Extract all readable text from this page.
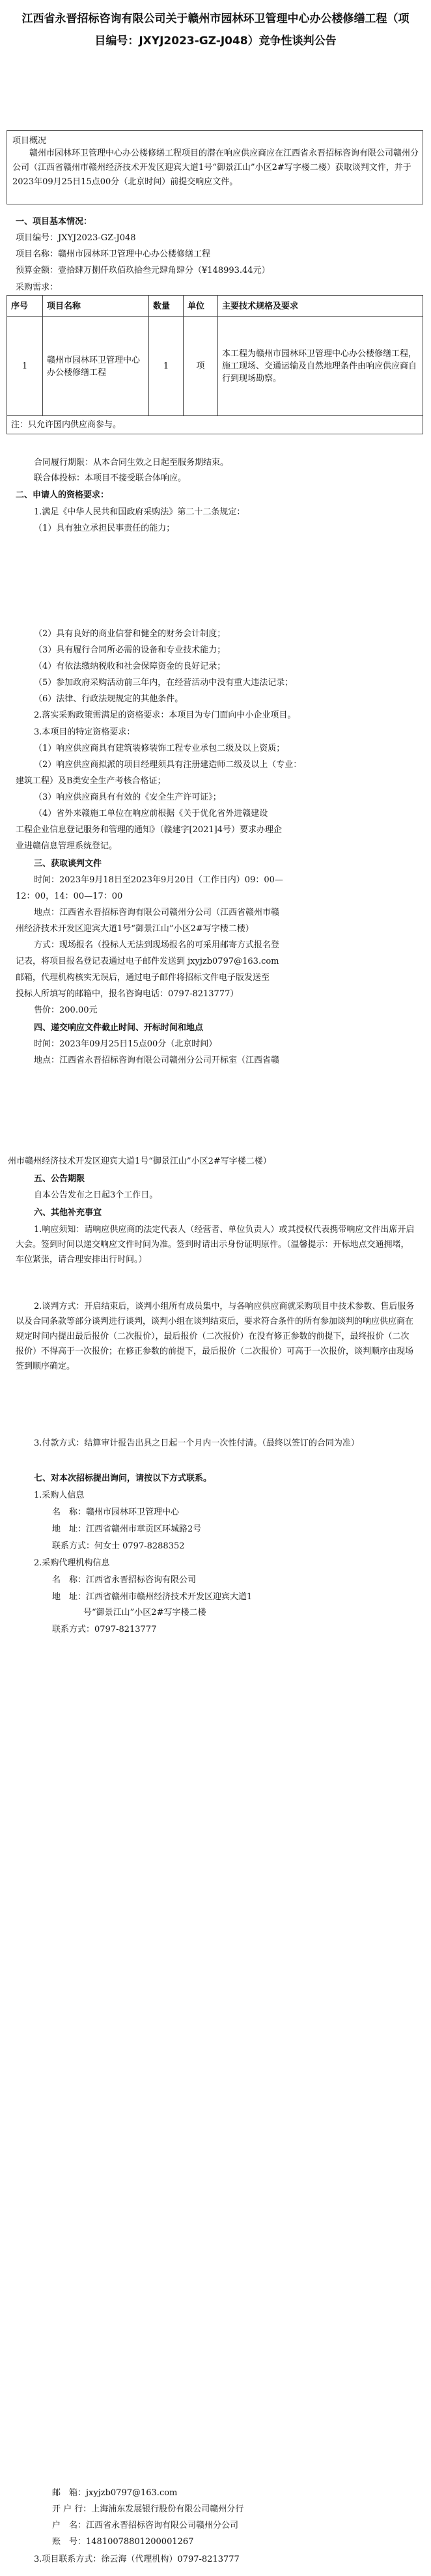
江西省永晋招标咨询有限公司关于赣州市园林环卫管理中心办公楼修缮工程（项目编号：JXYJ2023-GZ-J048）竞争性谈判公告
项目概况
赣州市园林环卫管理中心办公楼修缮工程项目的潜在响应供应商应在江西省永晋招标咨询有限公司赣州分公司（江西省赣州市赣州经济技术开发区迎宾大道1号“御景江山”小区2#写字楼二楼）获取谈判文件，并于2023年09月25日15点00分（北京时间）前提交响应文件。
一、项目基本情况：
项目编号：JXYJ2023-GZ-J048
项目名称：赣州市园林环卫管理中心办公楼修缮工程
预算金额：壹拾肆万捌仟玖佰玖拾叁元肆角肆分（¥148993.44元）
采购需求：
序号	项目名称	数量	单位	主要技术规格及要求
1	赣州市园林环卫管理中心办公楼修缮工程	1	项	本工程为赣州市园林环卫管理中心办公楼修缮工程，施工现场、交通运输及自然地理条件由响应供应商自行到现场勘察。
注：只允许国内供应商参与。				
合同履行期限：从本合同生效之日起至服务期结束。
联合体投标：本项目不接受联合体响应。
二、申请人的资格要求：
1.满足《中华人民共和国政府采购法》第二十二条规定：
（1）具有独立承担民事责任的能力；
（2）具有良好的商业信誉和健全的财务会计制度；
（3）具有履行合同所必需的设备和专业技术能力；
（4）有依法缴纳税收和社会保障资金的良好记录；
（5）参加政府采购活动前三年内，在经营活动中没有重大违法记录；
（6）法律、行政法规规定的其他条件。
2.落实采购政策需满足的资格要求：本项目为专门面向中小企业项目。
3.本项目的特定资格要求：
（1）响应供应商具有建筑装修装饰工程专业承包二级及以上资质；
（2）响应供应商拟派的项目经理须具有注册建造师二级及以上（专业：
建筑工程）及B类安全生产考核合格证；
（3）响应供应商具有有效的《安全生产许可证》；
（4）省外来赣施工单位在响应前根据《关于优化省外进赣建设
工程企业信息登记服务和管理的通知》（赣建字[2021]4号）要求办理企
业进赣信息管理系统登记。
三、获取谈判文件
时间：2023年9月18日至2023年9月20日（工作日内）09：00—
12：00，14：00—17：00
地点：江西省永晋招标咨询有限公司赣州分公司（江西省赣州市赣
州经济技术开发区迎宾大道1号“御景江山”小区2#写字楼二楼）
方式：现场报名（投标人无法到现场报名的可采用邮寄方式报名登
记表，将项目报名登记表通过电子邮件发送到 jxyjzb0797@163.com
邮箱，代理机构核实无误后，通过电子邮件将招标文件电子版发送至
投标人所填写的邮箱中，报名咨询电话：0797-8213777）
售价：200.00元
四、递交响应文件截止时间、开标时间和地点
时间：2023年09月25日15点00分（北京时间）
地点：江西省永晋招标咨询有限公司赣州分公司开标室（江西省赣
州市赣州经济技术开发区迎宾大道1号“御景江山”小区2#写字楼二楼）
五、公告期限
自本公告发布之日起3个工作日。
六、其他补充事宜
1.响应须知：请响应供应商的法定代表人（经营者、单位负责人）或其授权代表携带响应文件出席开启大会。签到时间以递交响应文件时间为准。签到时请出示身份证明原件。（温馨提示：开标地点交通拥堵，车位紧张，请合理安排出行时间。）
2.谈判方式：开启结束后，谈判小组所有成员集中，与各响应供应商就采购项目中技术参数、售后服务以及合同条款等部分谈判进行谈判，谈判小组在谈判结束后，要求符合条件的所有参加谈判的响应供应商在规定时间内提出最后报价（二次报价），最后报价（二次报价）在没有修正参数的前提下，最终报价（二次报价）不得高于一次报价；在修正参数的前提下，最后报价（二次报价）可高于一次报价，谈判顺序由现场签到顺序确定。
3.付款方式：结算审计报告出具之日起一个月内一次性付清。（最终以签订的合同为准）
七、对本次招标提出询问，请按以下方式联系。
1.采购人信息
名　称：赣州市园林环卫管理中心
地　址：江西省赣州市章贡区环城路2号
联系方式：何女士 0797-8288352
2.采购代理机构信息
名　称：江西省永晋招标咨询有限公司
地　址：江西省赣州市赣州经济技术开发区迎宾大道1
号“御景江山”小区2#写字楼二楼
联系方式：0797-8213777
邮　箱：jxyjzb0797@163.com
开 户 行：上海浦东发展银行股份有限公司赣州分行
户　名：江西省永晋招标咨询有限公司赣州分公司
账　号：14810078801200001267
3.项目联系方式：徐云海（代理机构）0797-8213777
